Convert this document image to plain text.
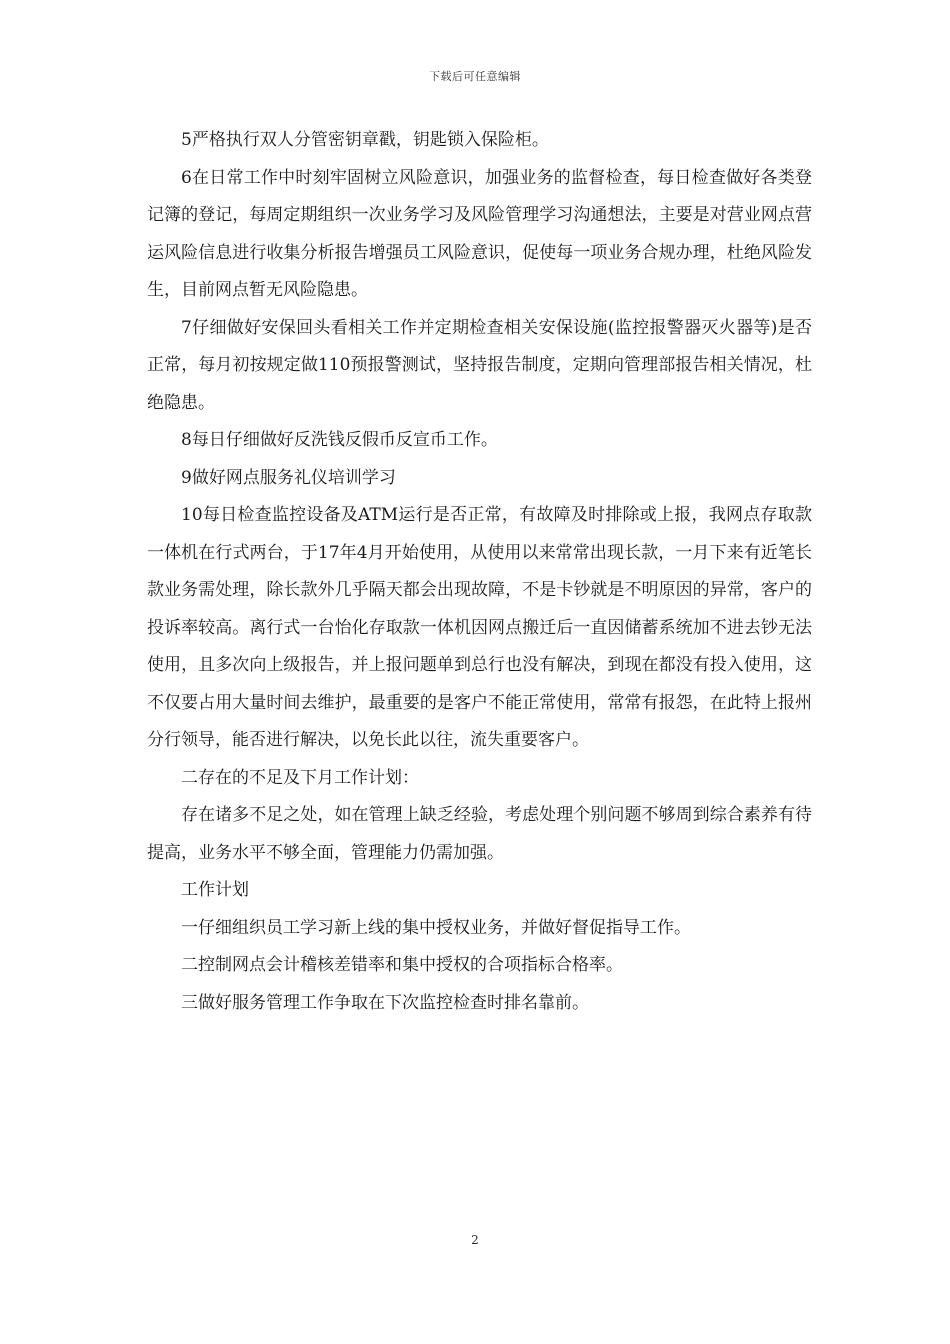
下载后可任意编辑

5严格执行双人分管密钥章戳，钥匙锁入保险柜。

6在日常工作中时刻牢固树立风险意识，加强业务的监督检查，每日检查做好各类登记簿的登记，每周定期组织一次业务学习及风险管理学习沟通想法，主要是对营业网点营运风险信息进行收集分析报告增强员工风险意识，促使每一项业务合规办理，杜绝风险发生，目前网点暂无风险隐患。

7仔细做好安保回头看相关工作并定期检查相关安保设施(监控报警器灭火器等)是否正常，每月初按规定做110预报警测试，坚持报告制度，定期向管理部报告相关情况，杜绝隐患。

8每日仔细做好反洗钱反假币反宣币工作。

9做好网点服务礼仪培训学习

10每日检查监控设备及ATM运行是否正常，有故障及时排除或上报，我网点存取款一体机在行式两台，于17年4月开始使用，从使用以来常常出现长款，一月下来有近笔长款业务需处理，除长款外几乎隔天都会出现故障，不是卡钞就是不明原因的异常，客户的投诉率较高。离行式一台怡化存取款一体机因网点搬迁后一直因储蓄系统加不进去钞无法使用，且多次向上级报告，并上报问题单到总行也没有解决，到现在都没有投入使用，这不仅要占用大量时间去维护，最重要的是客户不能正常使用，常常有报怨，在此特上报州分行领导，能否进行解决，以免长此以往，流失重要客户。

二存在的不足及下月工作计划：

存在诸多不足之处，如在管理上缺乏经验，考虑处理个别问题不够周到综合素养有待提高，业务水平不够全面，管理能力仍需加强。

工作计划

一仔细组织员工学习新上线的集中授权业务，并做好督促指导工作。

二控制网点会计稽核差错率和集中授权的合项指标合格率。

三做好服务管理工作争取在下次监控检查时排名靠前。

2
